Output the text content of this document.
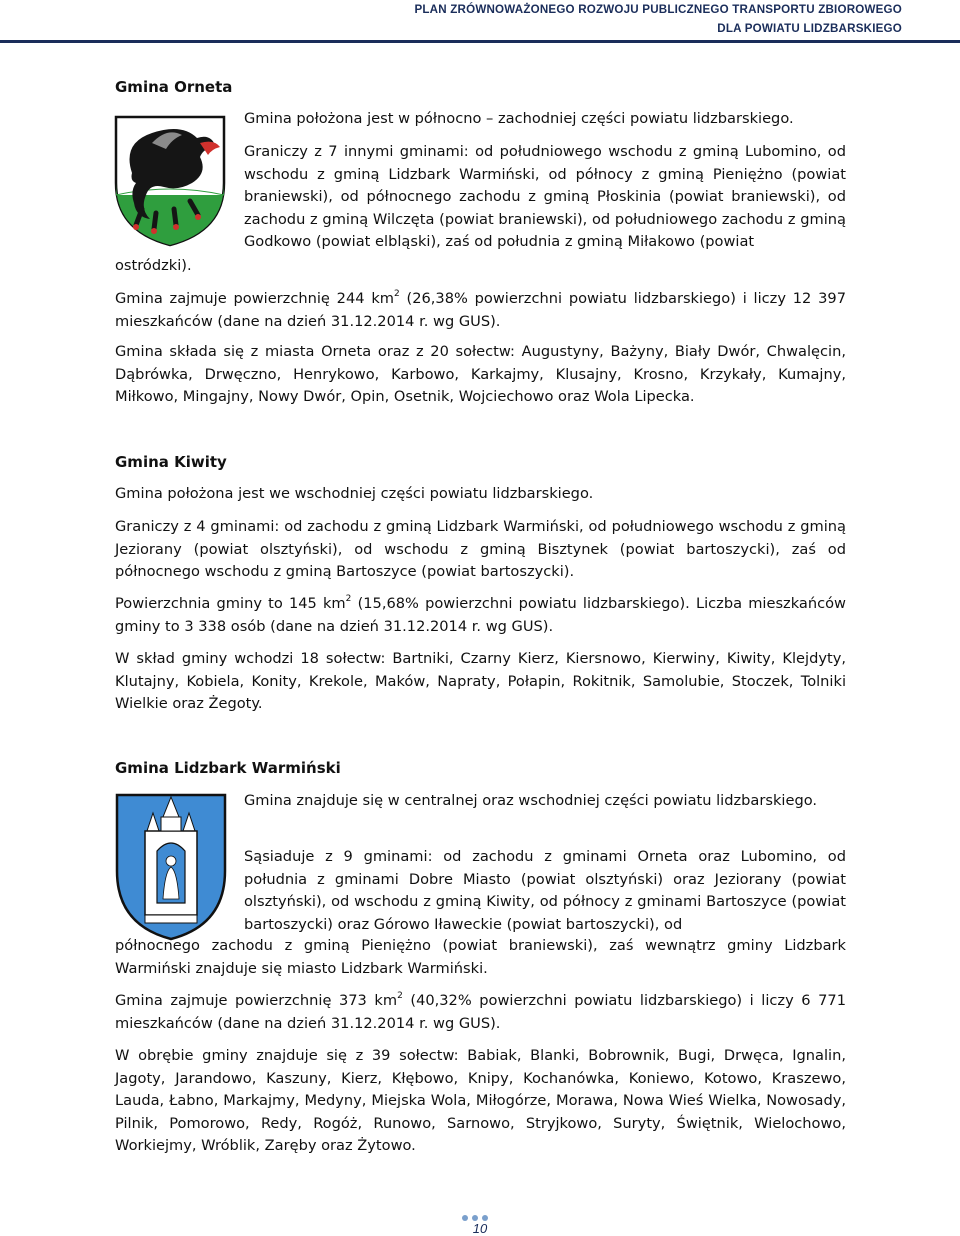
PLAN ZRÓWNOWAŻONEGO ROZWOJU PUBLICZNEGO TRANSPORTU ZBIOROWEGO
DLA POWIATU LIDZBARSKIEGO
Gmina Orneta

Gmina położona jest w północno – zachodniej części powiatu lidzbarskiego.

Graniczy z 7 innymi gminami: od południowego wschodu z gminą Lubomino, od wschodu z gminą Lidzbark Warmiński, od północy z gminą Pieniężno (powiat braniewski), od północnego zachodu z gminą Płoskinia (powiat braniewski), od zachodu z gminą Wilczęta (powiat braniewski), od południowego zachodu z gminą Godkowo (powiat elbląski), zaś od południa z gminą Miłakowo (powiat

ostródzki).

Gmina zajmuje powierzchnię 244 $km^2$ (26,38% powierzchni powiatu lidzbarskiego) i liczy 12 397 mieszkańców (dane na dzień 31.12.2014 r. wg GUS).

Gmina składa się z miasta Orneta oraz z 20 sołectw: Augustyny, Bażyny, Biały Dwór, Chwalęcin, Dąbrówka, Drwęczno, Henrykowo, Karbowo, Karkajmy, Klusajny, Krosno, Krzykały, Kumajny, Miłkowo, Mingajny, Nowy Dwór, Opin, Osetnik, Wojciechowo oraz Wola Lipecka.

Gmina Kiwity

Gmina położona jest we wschodniej części powiatu lidzbarskiego.

Graniczy z 4 gminami: od zachodu z gminą Lidzbark Warmiński, od południowego wschodu z gminą Jeziorany (powiat olsztyński), od wschodu z gminą Bisztynek (powiat bartoszycki), zaś od północnego wschodu z gminą Bartoszyce (powiat bartoszycki).

Powierzchnia gminy to 145 $km^2$ (15,68% powierzchni powiatu lidzbarskiego). Liczba mieszkańców gminy to 3 338 osób (dane na dzień 31.12.2014 r. wg GUS).

W skład gminy wchodzi 18 sołectw: Bartniki, Czarny Kierz, Kiersnowo, Kierwiny, Kiwity, Klejdyty, Klutajny, Kobiela, Konity, Krekole, Maków, Napraty, Połapin, Rokitnik, Samolubie, Stoczek, Tolniki Wielkie oraz Żegoty.

Gmina Lidzbark Warmiński

Gmina znajduje się w centralnej oraz wschodniej części powiatu lidzbarskiego.

Sąsiaduje z 9 gminami: od zachodu z gminami Orneta oraz Lubomino, od południa z gminami Dobre Miasto (powiat olsztyński) oraz Jeziorany (powiat olsztyński), od wschodu z gminą Kiwity, od północy z gminami Bartoszyce (powiat bartoszycki) oraz Górowo Iławeckie (powiat bartoszycki), od

północnego zachodu z gminą Pieniężno (powiat braniewski), zaś wewnątrz gminy Lidzbark Warmiński znajduje się miasto Lidzbark Warmiński.

Gmina zajmuje powierzchnię 373 $km^2$ (40,32% powierzchni powiatu lidzbarskiego) i liczy 6 771 mieszkańców (dane na dzień 31.12.2014 r. wg GUS).

W obrębie gminy znajduje się z 39 sołectw: Babiak, Blanki, Bobrownik, Bugi, Drwęca, Ignalin, Jagoty, Jarandowo, Kaszuny, Kierz, Kłębowo, Knipy, Kochanówka, Koniewo, Kotowo, Kraszewo, Lauda, Łabno, Markajmy, Medyny, Miejska Wola, Miłogórze, Morawa, Nowa Wieś Wielka, Nowosady, Pilnik, Pomorowo, Redy, Rogóż, Runowo, Sarnowo, Stryjkowo, Suryty, Świętnik, Wielochowo, Workiejmy, Wróblik, Zaręby oraz Żytowo.

10
